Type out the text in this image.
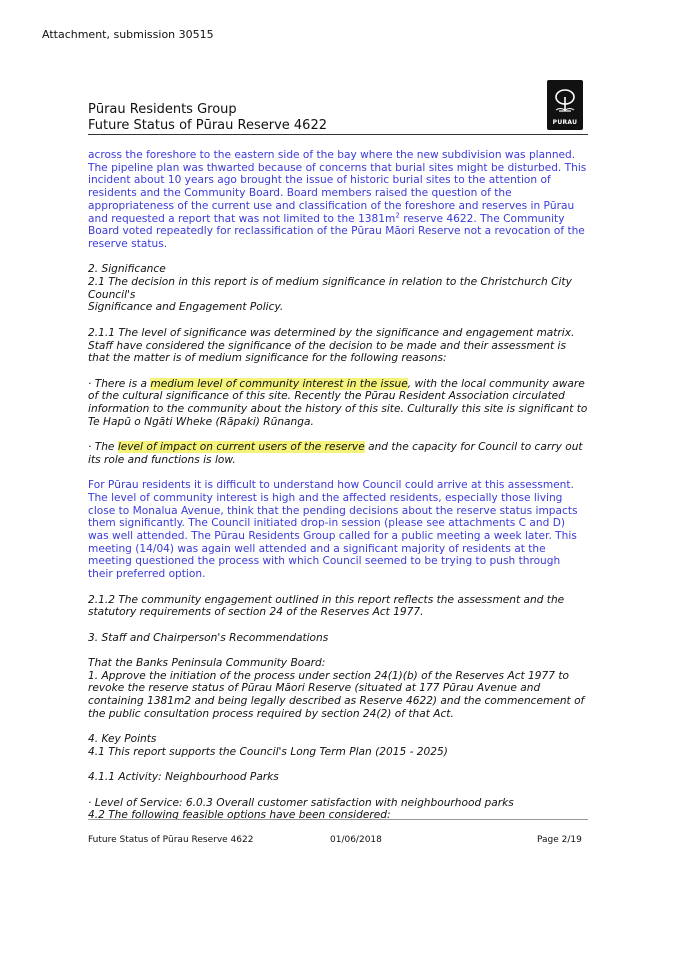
Attachment, submission 30515
Pūrau Residents Group
Future Status of Pūrau Reserve 4622	PURAU

across the foreshore to the eastern side of the bay where the new subdivision was planned. The pipeline plan was thwarted because of concerns that burial sites might be disturbed. This incident about 10 years ago brought the issue of historic burial sites to the attention of residents and the Community Board. Board members raised the question of the appropriateness of the current use and classification of the foreshore and reserves in Pūrau and requested a report that was not limited to the $1381m^2$ reserve 4622. The Community Board voted repeatedly for reclassification of the Pūrau Māori Reserve not a revocation of the reserve status.

2. Significance
2.1 The decision in this report is of medium significance in relation to the Christchurch City Council's
Significance and Engagement Policy.

2.1.1 The level of significance was determined by the significance and engagement matrix. Staff have considered the significance of the decision to be made and their assessment is that the matter is of medium significance for the following reasons:

· There is a medium level of community interest in the issue, with the local community aware of the cultural significance of this site. Recently the Pūrau Resident Association circulated information to the community about the history of this site. Culturally this site is significant to Te Hapū o Ngāti Wheke (Rāpaki) Rūnanga.

· The level of impact on current users of the reserve and the capacity for Council to carry out its role and functions is low.

For Pūrau residents it is difficult to understand how Council could arrive at this assessment. The level of community interest is high and the affected residents, especially those living close to Monalua Avenue, think that the pending decisions about the reserve status impacts them significantly. The Council initiated drop-in session (please see attachments C and D) was well attended. The Pūrau Residents Group called for a public meeting a week later. This meeting (14/04) was again well attended and a significant majority of residents at the meeting questioned the process with which Council seemed to be trying to push through their preferred option.

2.1.2 The community engagement outlined in this report reflects the assessment and the statutory requirements of section 24 of the Reserves Act 1977.

3. Staff and Chairperson's Recommendations

That the Banks Peninsula Community Board:
1. Approve the initiation of the process under section 24(1)(b) of the Reserves Act 1977 to revoke the reserve status of Pūrau Māori Reserve (situated at 177 Pūrau Avenue and containing 1381m2 and being legally described as Reserve 4622) and the commencement of the public consultation process required by section 24(2) of that Act.

4. Key Points
4.1 This report supports the Council's Long Term Plan (2015 - 2025)

4.1.1 Activity: Neighbourhood Parks

· Level of Service: 6.0.3 Overall customer satisfaction with neighbourhood parks
4.2 The following feasible options have been considered:

Future Status of Pūrau Reserve 4622	01/06/2018	Page 2/19
